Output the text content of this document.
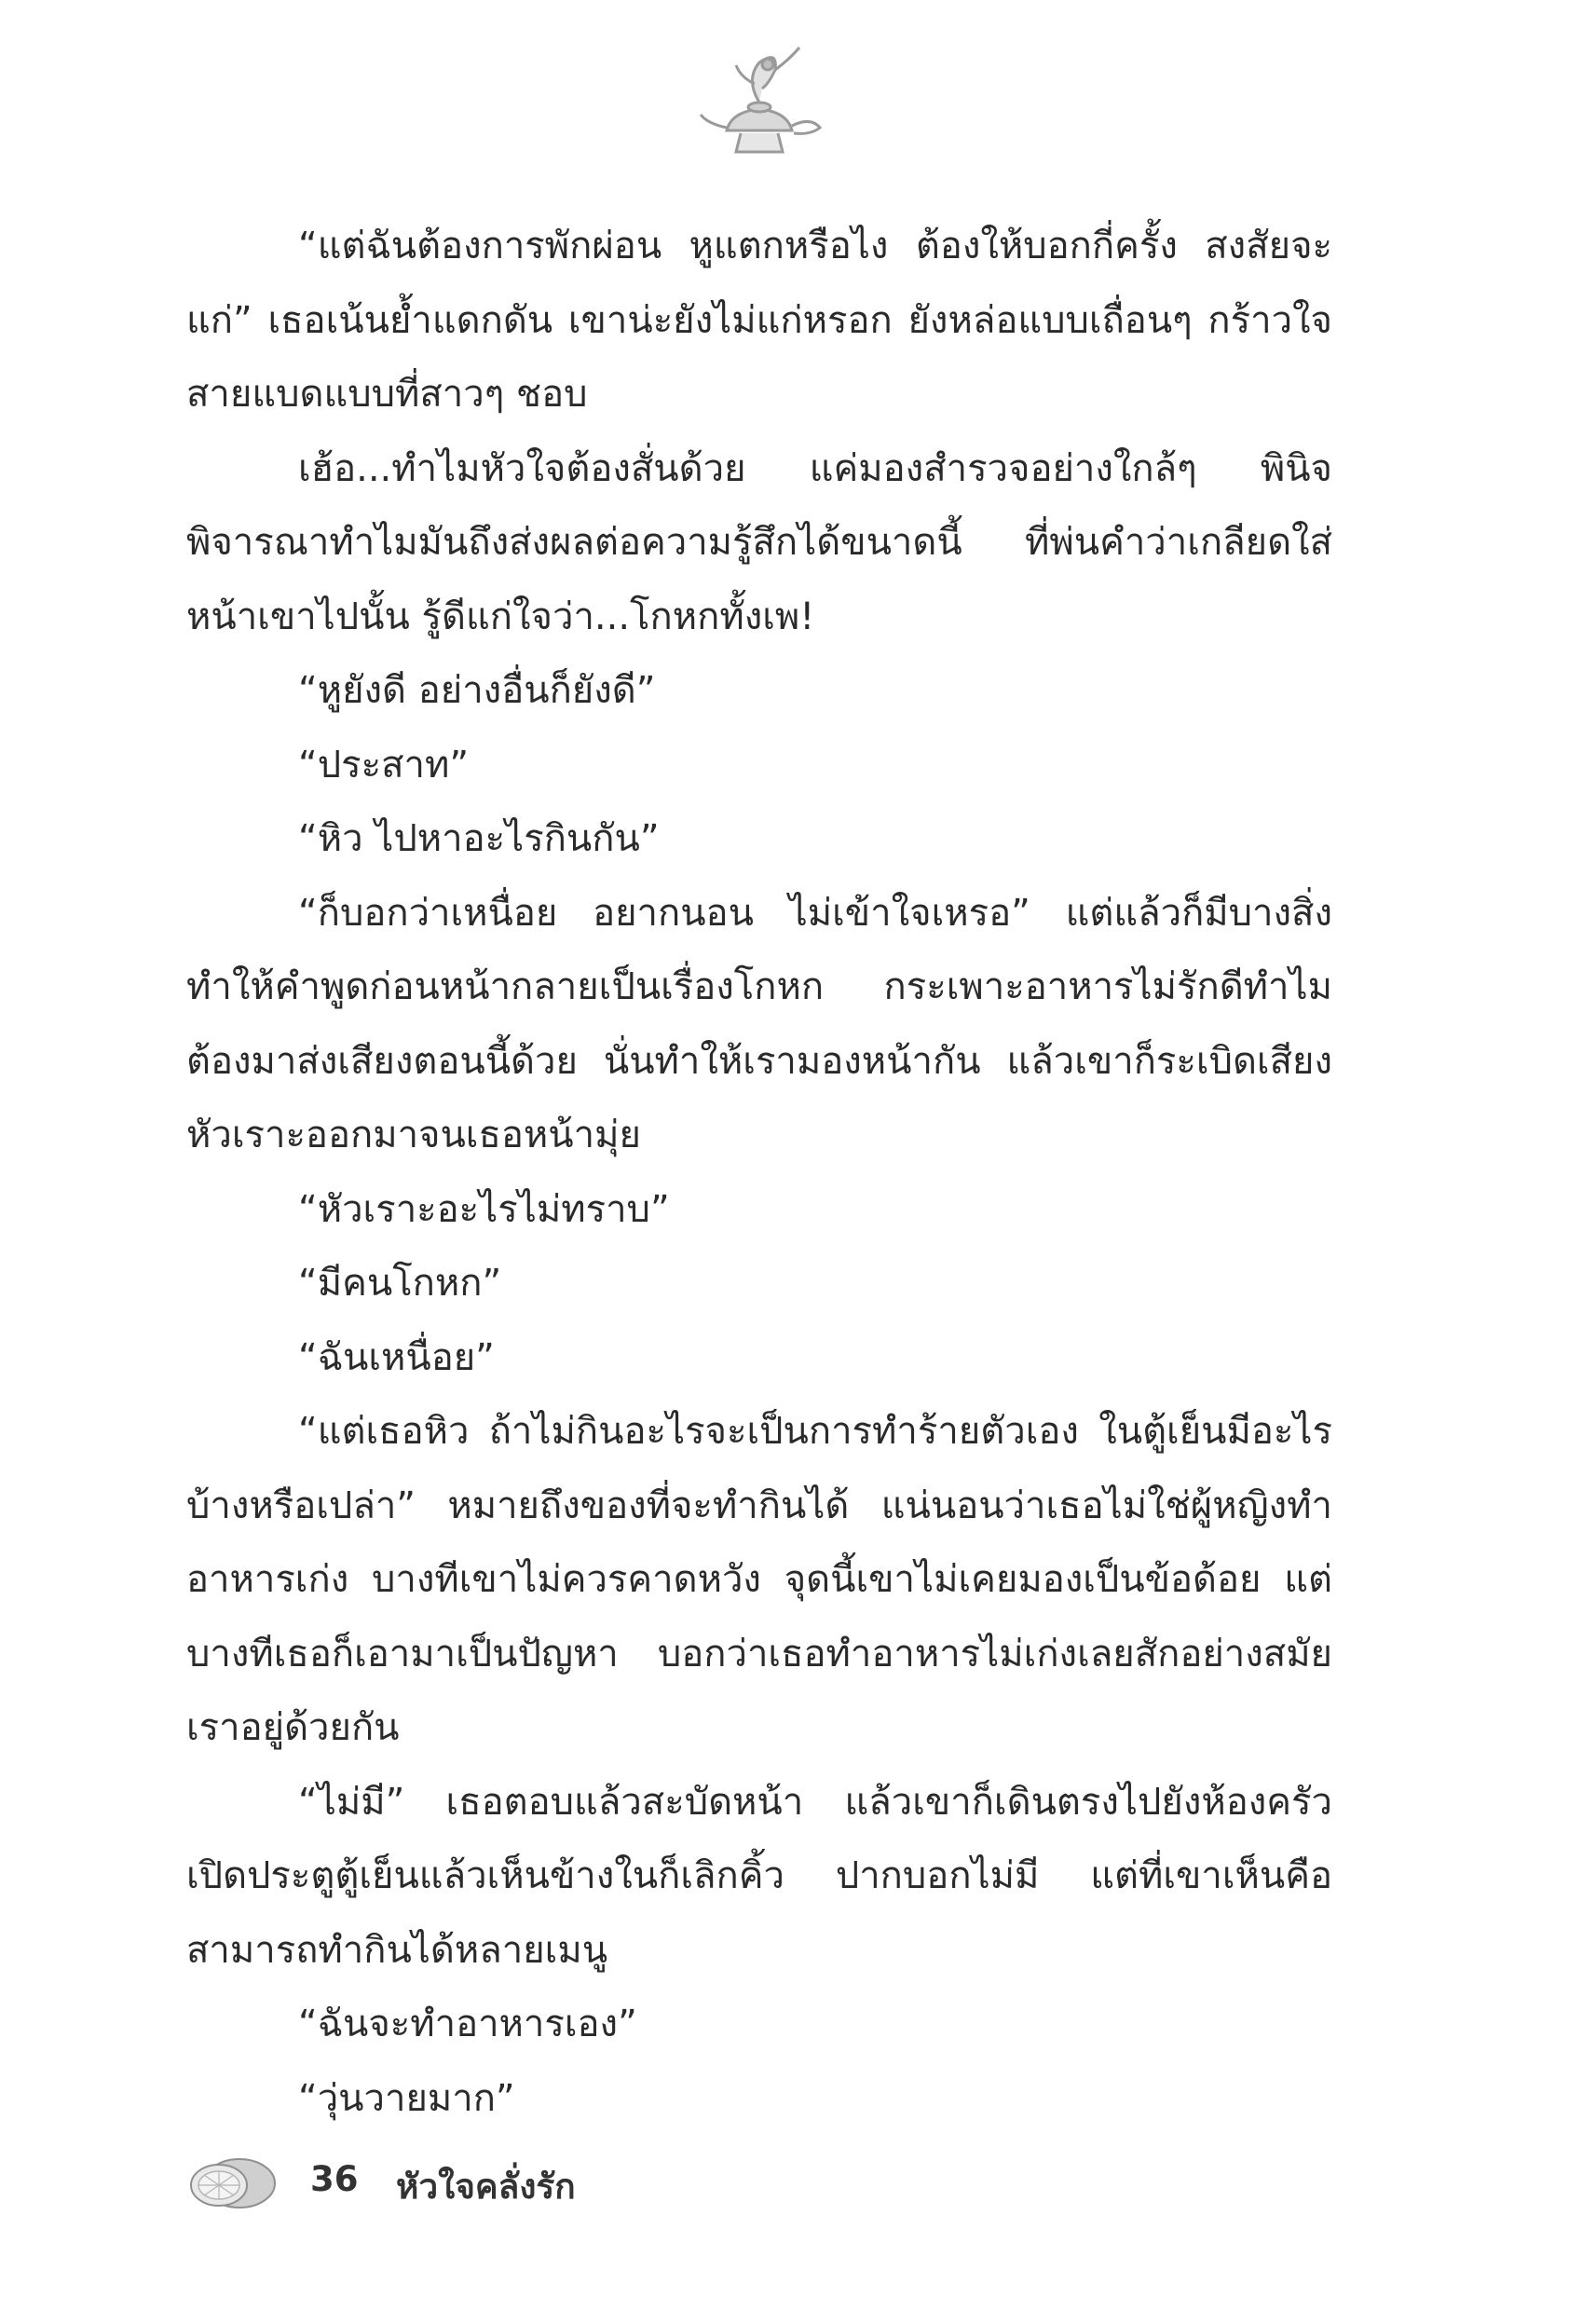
“แต่ฉันต้องการพักผ่อน หูแตกหรือไง ต้องให้บอกกี่ครั้ง สงสัยจะแก่” เธอเน้นย้ำแดกดัน เขาน่ะยังไม่แก่หรอก ยังหล่อแบบเถื่อนๆ กร้าวใจสายแบดแบบที่สาวๆ ชอบ

เฮ้อ...ทำไมหัวใจต้องสั่นด้วย แค่มองสำรวจอย่างใกล้ๆ พินิจพิจารณาทำไมมันถึงส่งผลต่อความรู้สึกได้ขนาดนี้ ที่พ่นคำว่าเกลียดใส่หน้าเขาไปนั้น รู้ดีแก่ใจว่า...โกหกทั้งเพ!

“หูยังดี อย่างอื่นก็ยังดี”

“ประสาท”

“หิว ไปหาอะไรกินกัน”

“ก็บอกว่าเหนื่อย อยากนอน ไม่เข้าใจเหรอ” แต่แล้วก็มีบางสิ่งทำให้คำพูดก่อนหน้ากลายเป็นเรื่องโกหก กระเพาะอาหารไม่รักดีทำไมต้องมาส่งเสียงตอนนี้ด้วย นั่นทำให้เรามองหน้ากัน แล้วเขาก็ระเบิดเสียงหัวเราะออกมาจนเธอหน้ามุ่ย

“หัวเราะอะไรไม่ทราบ”

“มีคนโกหก”

“ฉันเหนื่อย”

“แต่เธอหิว ถ้าไม่กินอะไรจะเป็นการทำร้ายตัวเอง ในตู้เย็นมีอะไรบ้างหรือเปล่า” หมายถึงของที่จะทำกินได้ แน่นอนว่าเธอไม่ใช่ผู้หญิงทำอาหารเก่ง บางทีเขาไม่ควรคาดหวัง จุดนี้เขาไม่เคยมองเป็นข้อด้อย แต่บางทีเธอก็เอามาเป็นปัญหา บอกว่าเธอทำอาหารไม่เก่งเลยสักอย่างสมัยเราอยู่ด้วยกัน

“ไม่มี” เธอตอบแล้วสะบัดหน้า แล้วเขาก็เดินตรงไปยังห้องครัวเปิดประตูตู้เย็นแล้วเห็นข้างในก็เลิกคิ้ว ปากบอกไม่มี แต่ที่เขาเห็นคือสามารถทำกินได้หลายเมนู

“ฉันจะทำอาหารเอง”

“วุ่นวายมาก”

36 หัวใจคลั่งรัก
